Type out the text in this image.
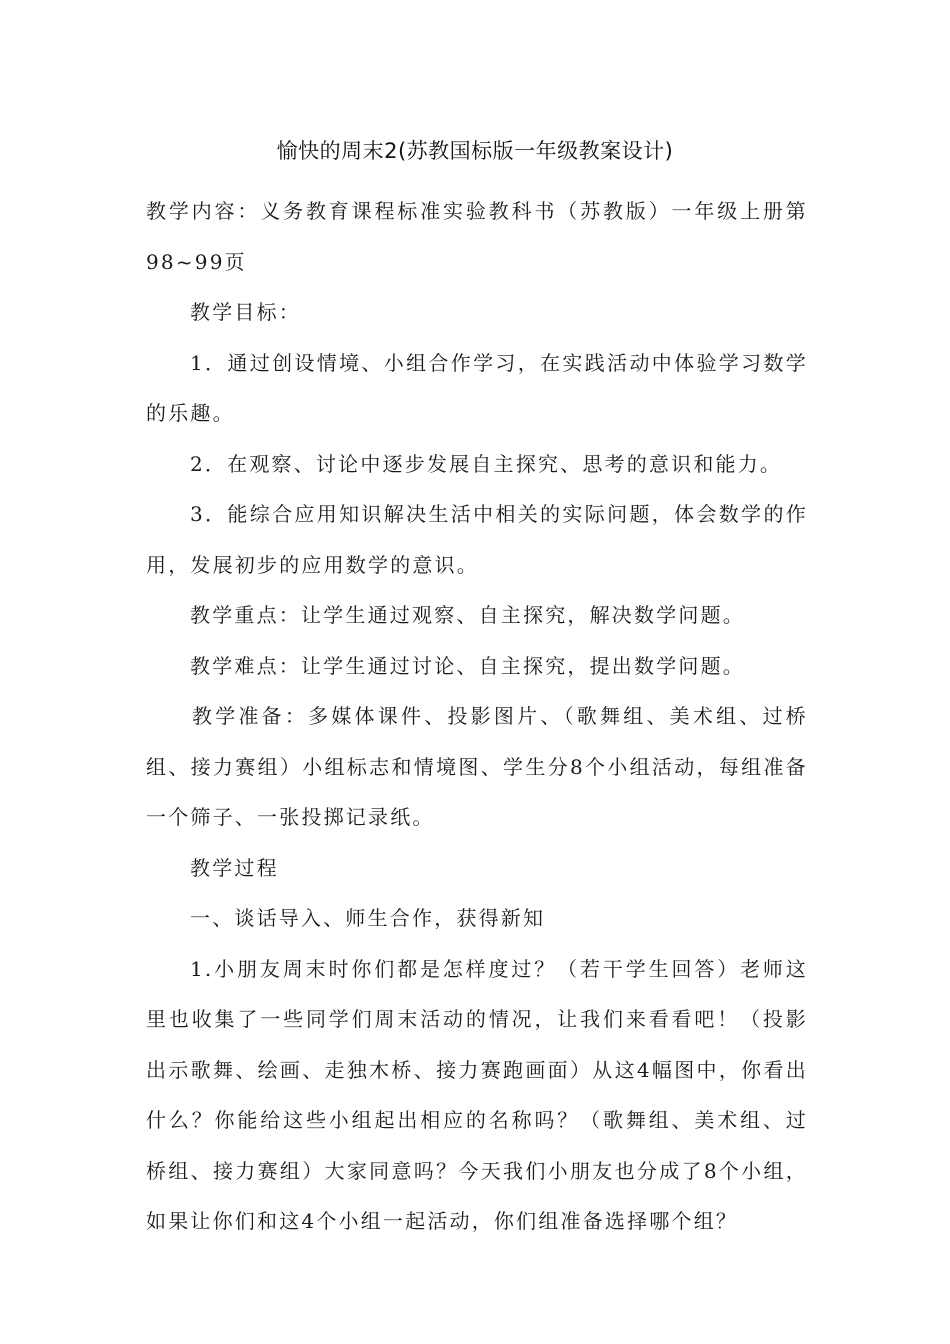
愉快的周末2(苏教国标版一年级教案设计)

教学内容：义务教育课程标准实验教科书（苏教版）一年级上册第98~99页

教学目标：

1．通过创设情境、小组合作学习，在实践活动中体验学习数学的乐趣。

2．在观察、讨论中逐步发展自主探究、思考的意识和能力。

3．能综合应用知识解决生活中相关的实际问题，体会数学的作用，发展初步的应用数学的意识。

教学重点：让学生通过观察、自主探究，解决数学问题。

教学难点：让学生通过讨论、自主探究，提出数学问题。

教学准备：多媒体课件、投影图片、（歌舞组、美术组、过桥组、接力赛组）小组标志和情境图、学生分8个小组活动，每组准备一个筛子、一张投掷记录纸。

教学过程

一、谈话导入、师生合作，获得新知

1.小朋友周末时你们都是怎样度过？（若干学生回答）老师这里也收集了一些同学们周末活动的情况，让我们来看看吧！（投影出示歌舞、绘画、走独木桥、接力赛跑画面）从这4幅图中，你看出什么？你能给这些小组起出相应的名称吗？（歌舞组、美术组、过桥组、接力赛组）大家同意吗？今天我们小朋友也分成了8个小组，如果让你们和这4个小组一起活动，你们组准备选择哪个组？
